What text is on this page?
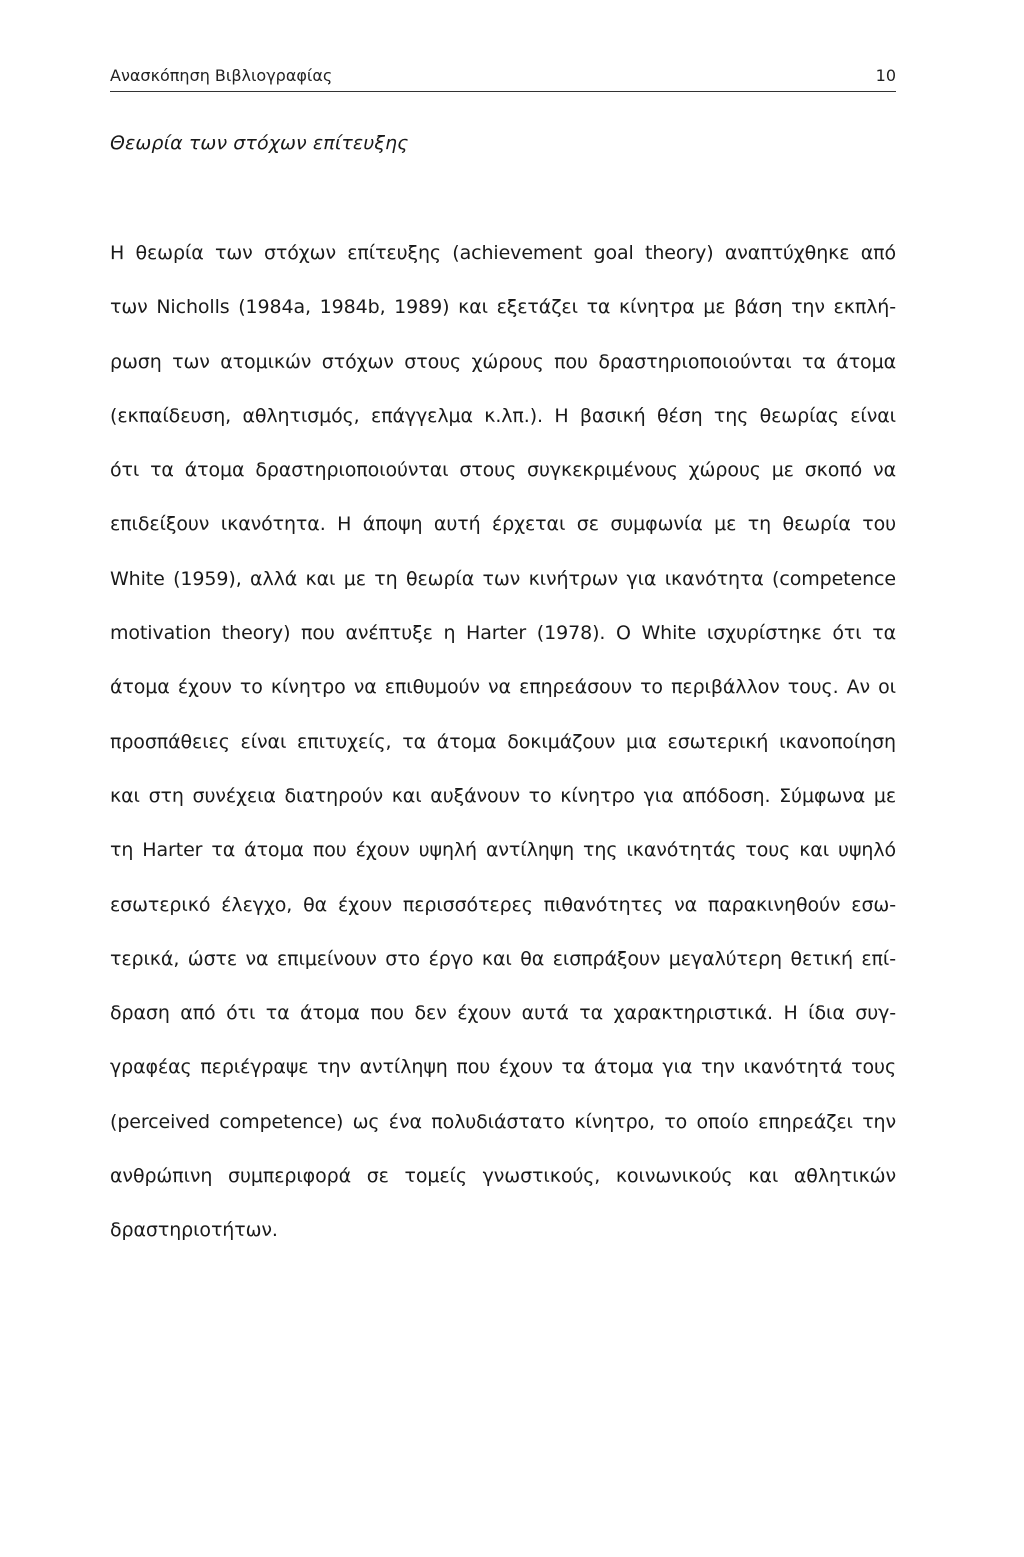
Ανασκόπηση Βιβλιογραφίας	10
Θεωρία των στόχων επίτευξης
Η θεωρία των στόχων επίτευξης (achievement goal theory) αναπτύχθηκε από
των Nicholls (1984a, 1984b, 1989) και εξετάζει τα κίνητρα με βάση την εκπλή-
ρωση των ατομικών στόχων στους χώρους που δραστηριοποιούνται τα άτομα
(εκπαίδευση, αθλητισμός, επάγγελμα κ.λπ.). Η βασική θέση της θεωρίας είναι
ότι τα άτομα δραστηριοποιούνται στους συγκεκριμένους χώρους με σκοπό να
επιδείξουν ικανότητα. Η άποψη αυτή έρχεται σε συμφωνία με τη θεωρία του
White (1959), αλλά και με τη θεωρία των κινήτρων για ικανότητα (competence
motivation theory) που ανέπτυξε η Harter (1978). Ο White ισχυρίστηκε ότι τα
άτομα έχουν το κίνητρο να επιθυμούν να επηρεάσουν το περιβάλλον τους. Αν οι
προσπάθειες είναι επιτυχείς, τα άτομα δοκιμάζουν μια εσωτερική ικανοποίηση
και στη συνέχεια διατηρούν και αυξάνουν το κίνητρο για απόδοση. Σύμφωνα με
τη Harter τα άτομα που έχουν υψηλή αντίληψη της ικανότητάς τους και υψηλό
εσωτερικό έλεγχο, θα έχουν περισσότερες πιθανότητες να παρακινηθούν εσω-
τερικά, ώστε να επιμείνουν στο έργο και θα εισπράξουν μεγαλύτερη θετική επί-
δραση από ότι τα άτομα που δεν έχουν αυτά τα χαρακτηριστικά. Η ίδια συγ-
γραφέας περιέγραψε την αντίληψη που έχουν τα άτομα για την ικανότητά τους
(perceived competence) ως ένα πολυδιάστατο κίνητρο, το οποίο επηρεάζει την
ανθρώπινη συμπεριφορά σε τομείς γνωστικούς, κοινωνικούς και αθλητικών
δραστηριοτήτων.
